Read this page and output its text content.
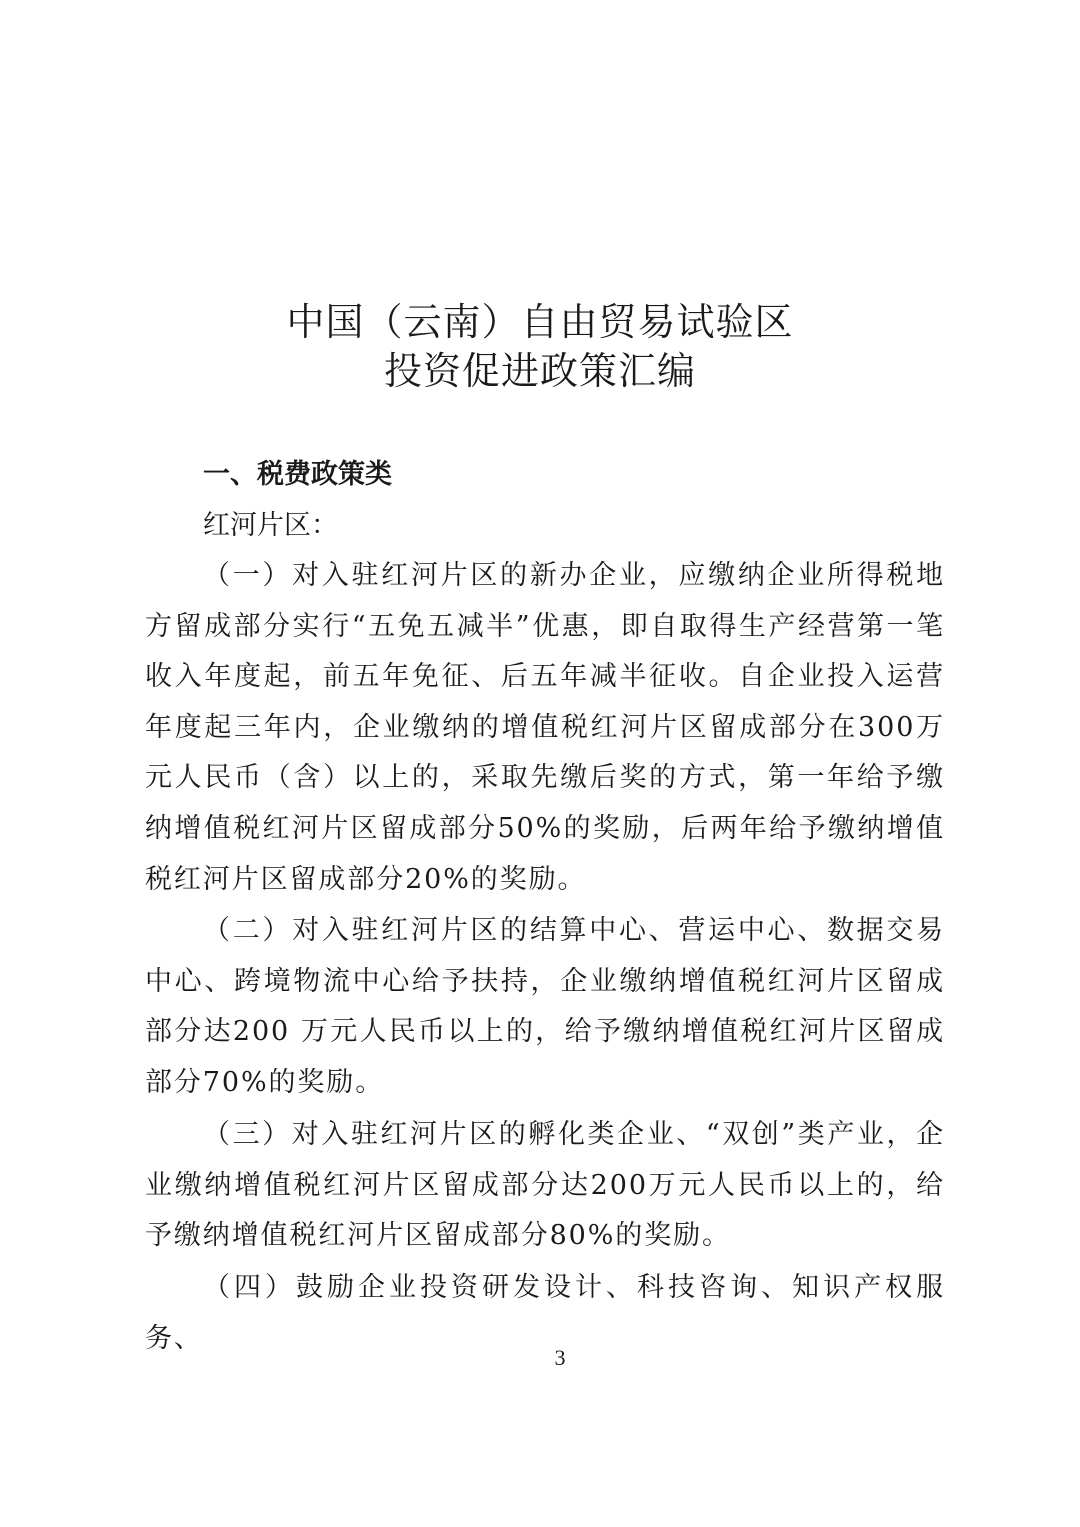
中国（云南）自由贸易试验区
投资促进政策汇编
一、税费政策类
红河片区：

（一）对入驻红河片区的新办企业，应缴纳企业所得税地方留成部分实行“五免五减半”优惠，即自取得生产经营第一笔收入年度起，前五年免征、后五年减半征收。自企业投入运营年度起三年内，企业缴纳的增值税红河片区留成部分在300万元人民币（含）以上的，采取先缴后奖的方式，第一年给予缴纳增值税红河片区留成部分50%的奖励，后两年给予缴纳增值税红河片区留成部分20%的奖励。

（二）对入驻红河片区的结算中心、营运中心、数据交易中心、跨境物流中心给予扶持，企业缴纳增值税红河片区留成部分达200 万元人民币以上的，给予缴纳增值税红河片区留成部分70%的奖励。

（三）对入驻红河片区的孵化类企业、“双创”类产业，企业缴纳增值税红河片区留成部分达200万元人民币以上的，给予缴纳增值税红河片区留成部分80%的奖励。

（四）鼓励企业投资研发设计、科技咨询、知识产权服务、

3
